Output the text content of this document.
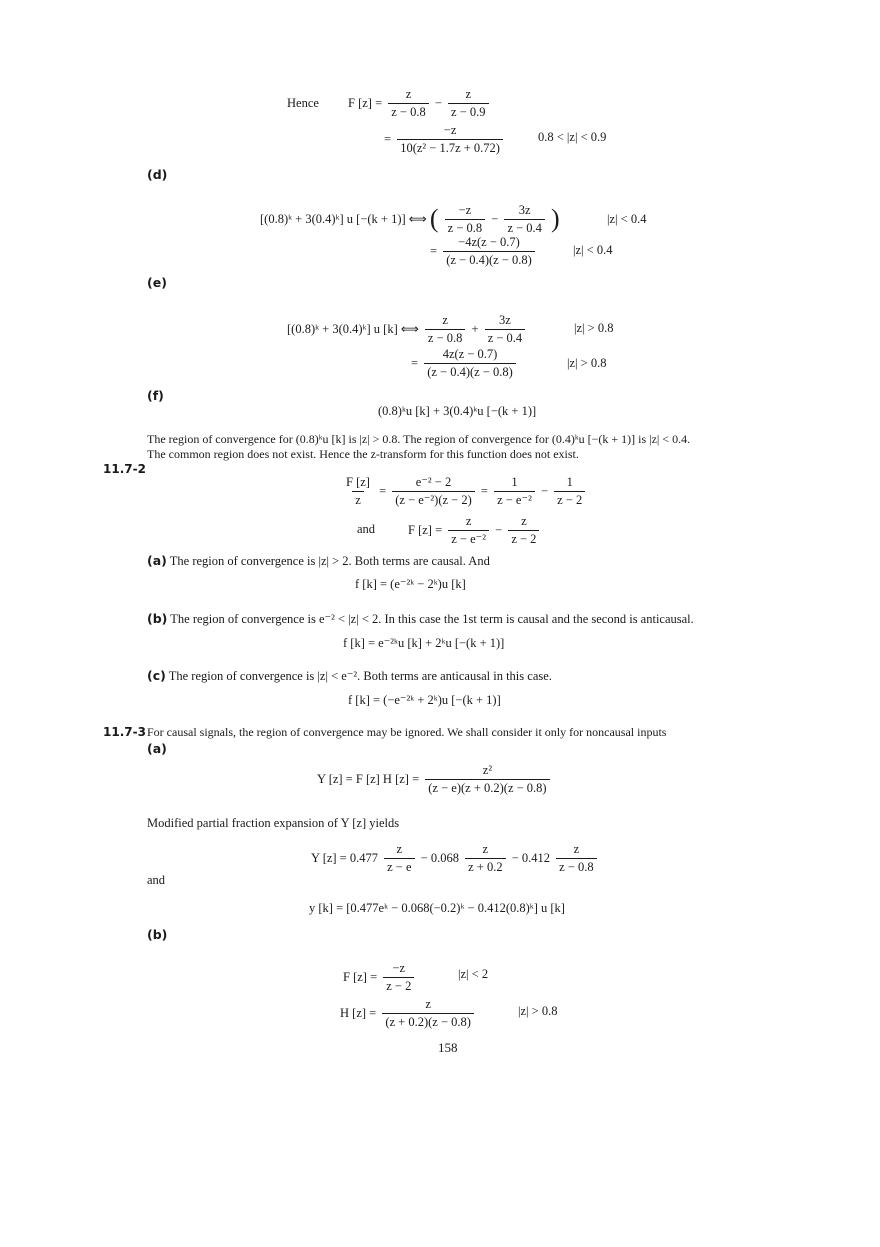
Hence F $[z] = \frac{z}{z - 0.8} - \frac{z}{z - 0.9}$
= $\frac{-z}{\text{10(z² − 1.7z + 0.72)}}$	0.8 < |z| < 0.9
(d)
[(0.8)ᵏ + 3(0.4)ᵏ] u [−(k + 1)] ⟺ ( $\frac{-z}{z - 0.8} - \frac{3z}{z - 0.4}$ )	|z| < 0.4
= $\frac{-4z(z - 0.7)}{(z - 0.4)(z - 0.8)}$	|z| < 0.4
(e)
[(0.8)ᵏ + 3(0.4)ᵏ] u [k] ⟺ $\frac{z}{z - 0.8} + \frac{3z}{z - 0.4}$	|z| > 0.8
= $\frac{4z(z - 0.7)}{(z - 0.4)(z - 0.8)}$	|z| > 0.8
(f)
(0.8)ᵏu [k] + 3(0.4)ᵏu [−(k + 1)]
The region of convergence for (0.8)ᵏu [k] is |z| > 0.8. The region of convergence for (0.4)ᵏu [−(k + 1)] is |z| < 0.4.
The common region does not exist. Hence the z-transform for this function does not exist.
11.7-2
$\frac{F [z]}{z} = \frac{\text{e⁻² − 2}}{\text{(z − e⁻²)(z − 2)}} = \frac{1}{\text{z − e⁻²}} - \frac{1}{z - 2}$
and	F $[z] = \frac{z}{\text{z − e⁻²}} - \frac{z}{z - 2}$
(a) The region of convergence is |z| > 2. Both terms are causal. And
f [k] = (e⁻²ᵏ − 2ᵏ)u [k]
(b) The region of convergence is e⁻² < |z| < 2. In this case the 1st term is causal and the second is anticausal.
f [k] = e⁻²ᵏu [k] + 2ᵏu [−(k + 1)]
(c) The region of convergence is |z| < e⁻². Both terms are anticausal in this case.
f [k] = (−e⁻²ᵏ + 2ᵏ)u [−(k + 1)]
11.7-3 For causal signals, the region of convergence may be ignored. We shall consider it only for noncausal inputs
(a)
Y [z] = F [z] H $[z] = \frac{\text{z²}}{(z - e)(z + 0.2)(z - 0.8)}$
Modified partial fraction expansion of Y [z] yields
Y $[z] = 0.477 \frac{z}{z - e} - 0.068 \frac{z}{z + 0.2} - 0.412 \frac{z}{z - 0.8}$
and
y [k] = [0.477eᵏ − 0.068(−0.2)ᵏ − 0.412(0.8)ᵏ] u [k]
(b)
F $[z] = \frac{-z}{z - 2}$	|z| < 2
H $[z] = \frac{z}{(z + 0.2)(z - 0.8)}$	|z| > 0.8
158
